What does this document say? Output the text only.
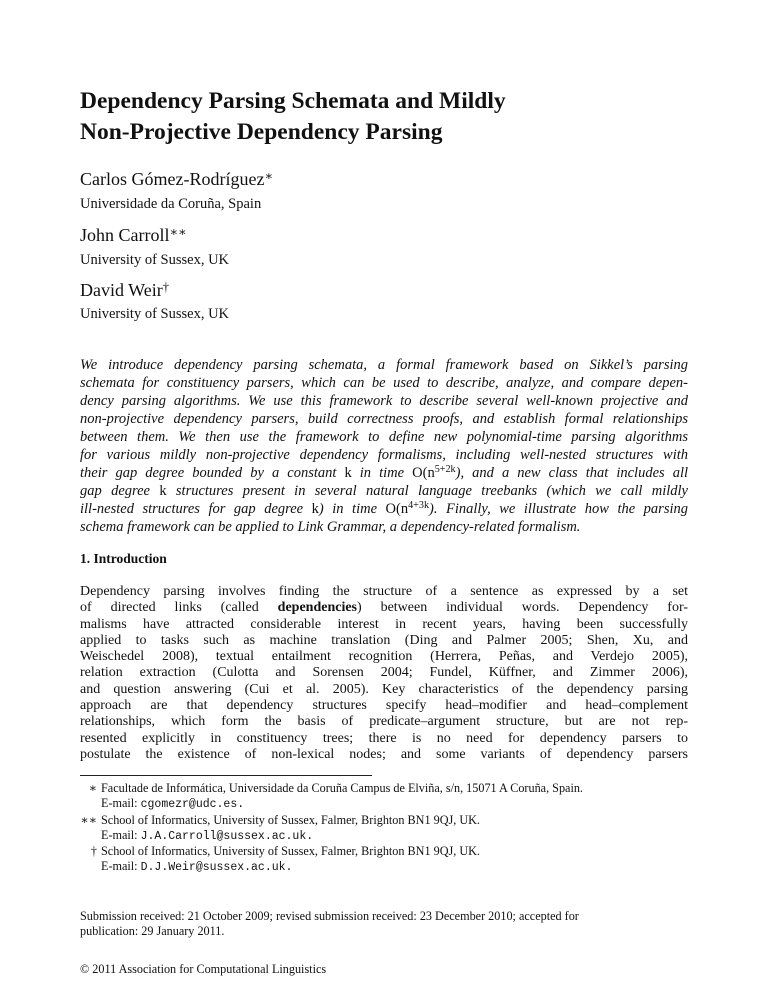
Dependency Parsing Schemata and Mildly
Non-Projective Dependency Parsing
Carlos Gómez-Rodríguez∗
Universidade da Coruña, Spain
John Carroll∗∗
University of Sussex, UK
David Weir†
University of Sussex, UK
We introduce dependency parsing schemata, a formal framework based on Sikkel’s parsing
schemata for constituency parsers, which can be used to describe, analyze, and compare depen-
dency parsing algorithms. We use this framework to describe several well-known projective and
non-projective dependency parsers, build correctness proofs, and establish formal relationships
between them. We then use the framework to define new polynomial-time parsing algorithms
for various mildly non-projective dependency formalisms, including well-nested structures with
their gap degree bounded by a constant k in time $O(n^{5+2k})$, and a new class that includes all
gap degree k structures present in several natural language treebanks (which we call mildly
ill-nested structures for gap degree k) in time $O(n^{4+3k})$. Finally, we illustrate how the parsing
schema framework can be applied to Link Grammar, a dependency-related formalism.
1. Introduction
Dependency parsing involves finding the structure of a sentence as expressed by a set
of directed links (called dependencies) between individual words. Dependency for-
malisms have attracted considerable interest in recent years, having been successfully
applied to tasks such as machine translation (Ding and Palmer 2005; Shen, Xu, and
Weischedel 2008), textual entailment recognition (Herrera, Peñas, and Verdejo 2005),
relation extraction (Culotta and Sorensen 2004; Fundel, Küffner, and Zimmer 2006),
and question answering (Cui et al. 2005). Key characteristics of the dependency parsing
approach are that dependency structures specify head–modifier and head–complement
relationships, which form the basis of predicate–argument structure, but are not rep-
resented explicitly in constituency trees; there is no need for dependency parsers to
postulate the existence of non-lexical nodes; and some variants of dependency parsers
∗ Facultade de Informática, Universidade da Coruña Campus de Elviña, s/n, 15071 A Coruña, Spain.
E-mail: cgomezr@udc.es.
∗∗ School of Informatics, University of Sussex, Falmer, Brighton BN1 9QJ, UK.
E-mail: J.A.Carroll@sussex.ac.uk.
† School of Informatics, University of Sussex, Falmer, Brighton BN1 9QJ, UK.
E-mail: D.J.Weir@sussex.ac.uk.
Submission received: 21 October 2009; revised submission received: 23 December 2010; accepted for
publication: 29 January 2011.
© 2011 Association for Computational Linguistics
